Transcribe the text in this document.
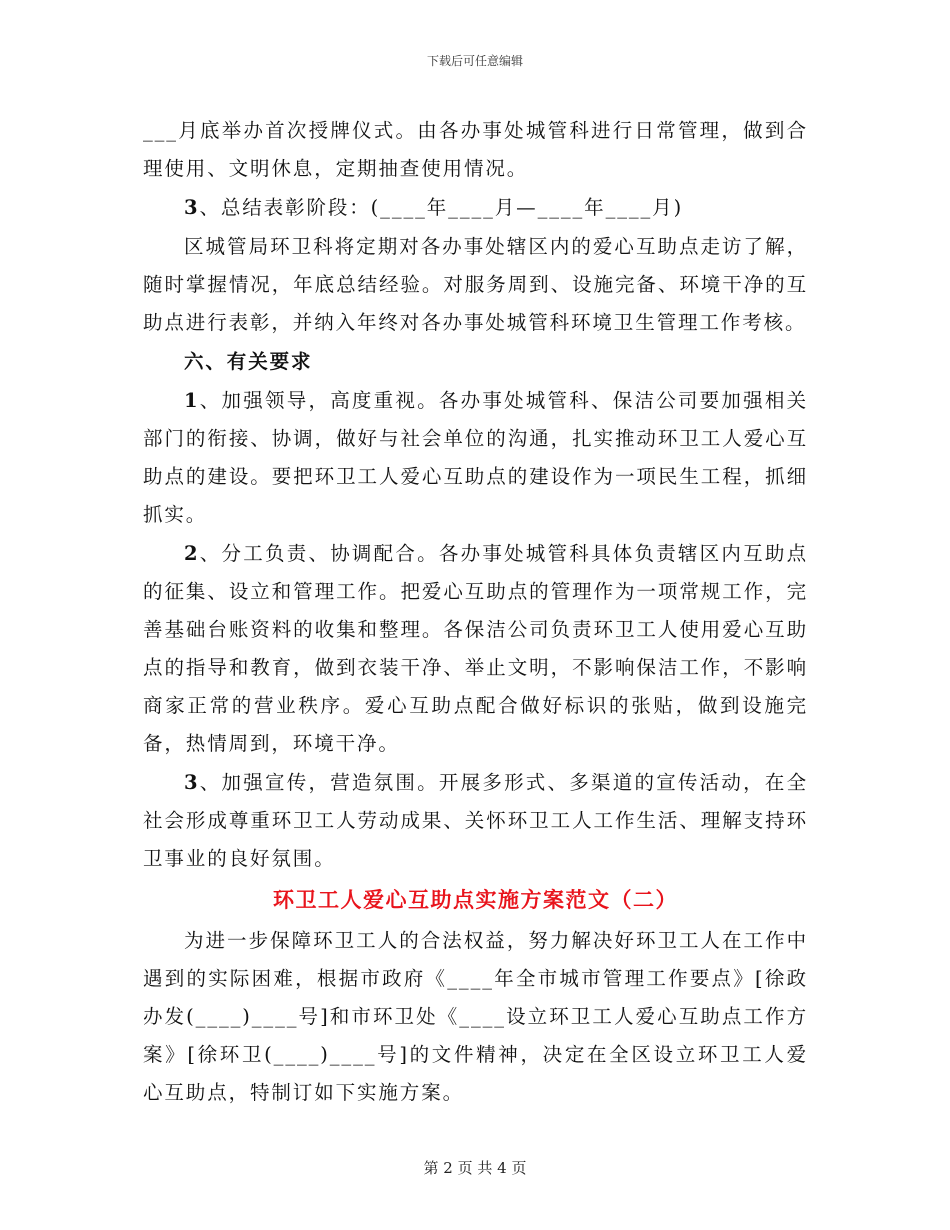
下载后可任意编辑

___月底举办首次授牌仪式。由各办事处城管科进行日常管理，做到合理使用、文明休息，定期抽查使用情况。

3、总结表彰阶段：(____年____月—____年____月)

区城管局环卫科将定期对各办事处辖区内的爱心互助点走访了解，随时掌握情况，年底总结经验。对服务周到、设施完备、环境干净的互助点进行表彰，并纳入年终对各办事处城管科环境卫生管理工作考核。

六、有关要求

1、加强领导，高度重视。各办事处城管科、保洁公司要加强相关部门的衔接、协调，做好与社会单位的沟通，扎实推动环卫工人爱心互助点的建设。要把环卫工人爱心互助点的建设作为一项民生工程，抓细抓实。

2、分工负责、协调配合。各办事处城管科具体负责辖区内互助点的征集、设立和管理工作。把爱心互助点的管理作为一项常规工作，完善基础台账资料的收集和整理。各保洁公司负责环卫工人使用爱心互助点的指导和教育，做到衣装干净、举止文明，不影响保洁工作，不影响商家正常的营业秩序。爱心互助点配合做好标识的张贴，做到设施完备，热情周到，环境干净。

3、加强宣传，营造氛围。开展多形式、多渠道的宣传活动，在全社会形成尊重环卫工人劳动成果、关怀环卫工人工作生活、理解支持环卫事业的良好氛围。

环卫工人爱心互助点实施方案范文（二）

为进一步保障环卫工人的合法权益，努力解决好环卫工人在工作中遇到的实际困难，根据市政府《____年全市城市管理工作要点》[徐政办发(____)____号]和市环卫处《____设立环卫工人爱心互助点工作方案》[徐环卫(____)____号]的文件精神，决定在全区设立环卫工人爱心互助点，特制订如下实施方案。

第 2 页 共 4 页
